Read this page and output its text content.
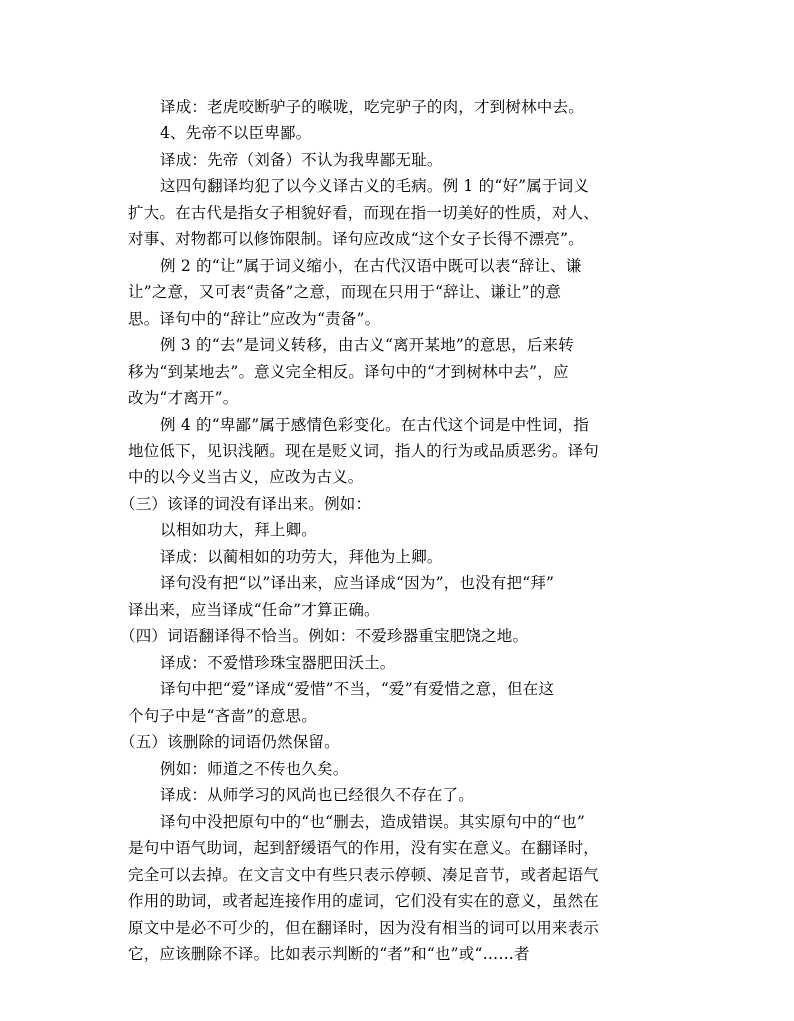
译成：老虎咬断驴子的喉咙，吃完驴子的肉，才到树林中去。
4、先帝不以臣卑鄙。
译成：先帝（刘备）不认为我卑鄙无耻。
这四句翻译均犯了以今义译古义的毛病。例 1 的“好”属于词义
扩大。在古代是指女子相貌好看，而现在指一切美好的性质，对人、
对事、对物都可以修饰限制。译句应改成“这个女子长得不漂亮”。
例 2 的“让”属于词义缩小，在古代汉语中既可以表“辞让、谦
让”之意，又可表“责备”之意，而现在只用于“辞让、谦让”的意
思。译句中的“辞让”应改为“责备”。
例 3 的“去”是词义转移，由古义“离开某地”的意思，后来转
移为“到某地去”。意义完全相反。译句中的“才到树林中去”，应
改为“才离开”。
例 4 的“卑鄙”属于感情色彩变化。在古代这个词是中性词，指
地位低下，见识浅陋。现在是贬义词，指人的行为或品质恶劣。译句
中的以今义当古义，应改为古义。
（三）该译的词没有译出来。例如：
以相如功大，拜上卿。
译成：以蔺相如的功劳大，拜他为上卿。
译句没有把“以”译出来，应当译成“因为”，也没有把“拜”
译出来，应当译成“任命”才算正确。
（四）词语翻译得不恰当。例如：不爱珍器重宝肥饶之地。
译成：不爱惜珍珠宝器肥田沃土。
译句中把“爱”译成“爱惜”不当，“爱”有爱惜之意，但在这
个句子中是“吝啬”的意思。
（五）该删除的词语仍然保留。
例如：师道之不传也久矣。
译成：从师学习的风尚也已经很久不存在了。
译句中没把原句中的“也“删去，造成错误。其实原句中的“也”
是句中语气助词，起到舒缓语气的作用，没有实在意义。在翻译时，
完全可以去掉。在文言文中有些只表示停顿、凑足音节，或者起语气
作用的助词，或者起连接作用的虚词，它们没有实在的意义，虽然在
原文中是必不可少的，但在翻译时，因为没有相当的词可以用来表示
它，应该删除不译。比如表示判断的“者”和“也”或“……者
